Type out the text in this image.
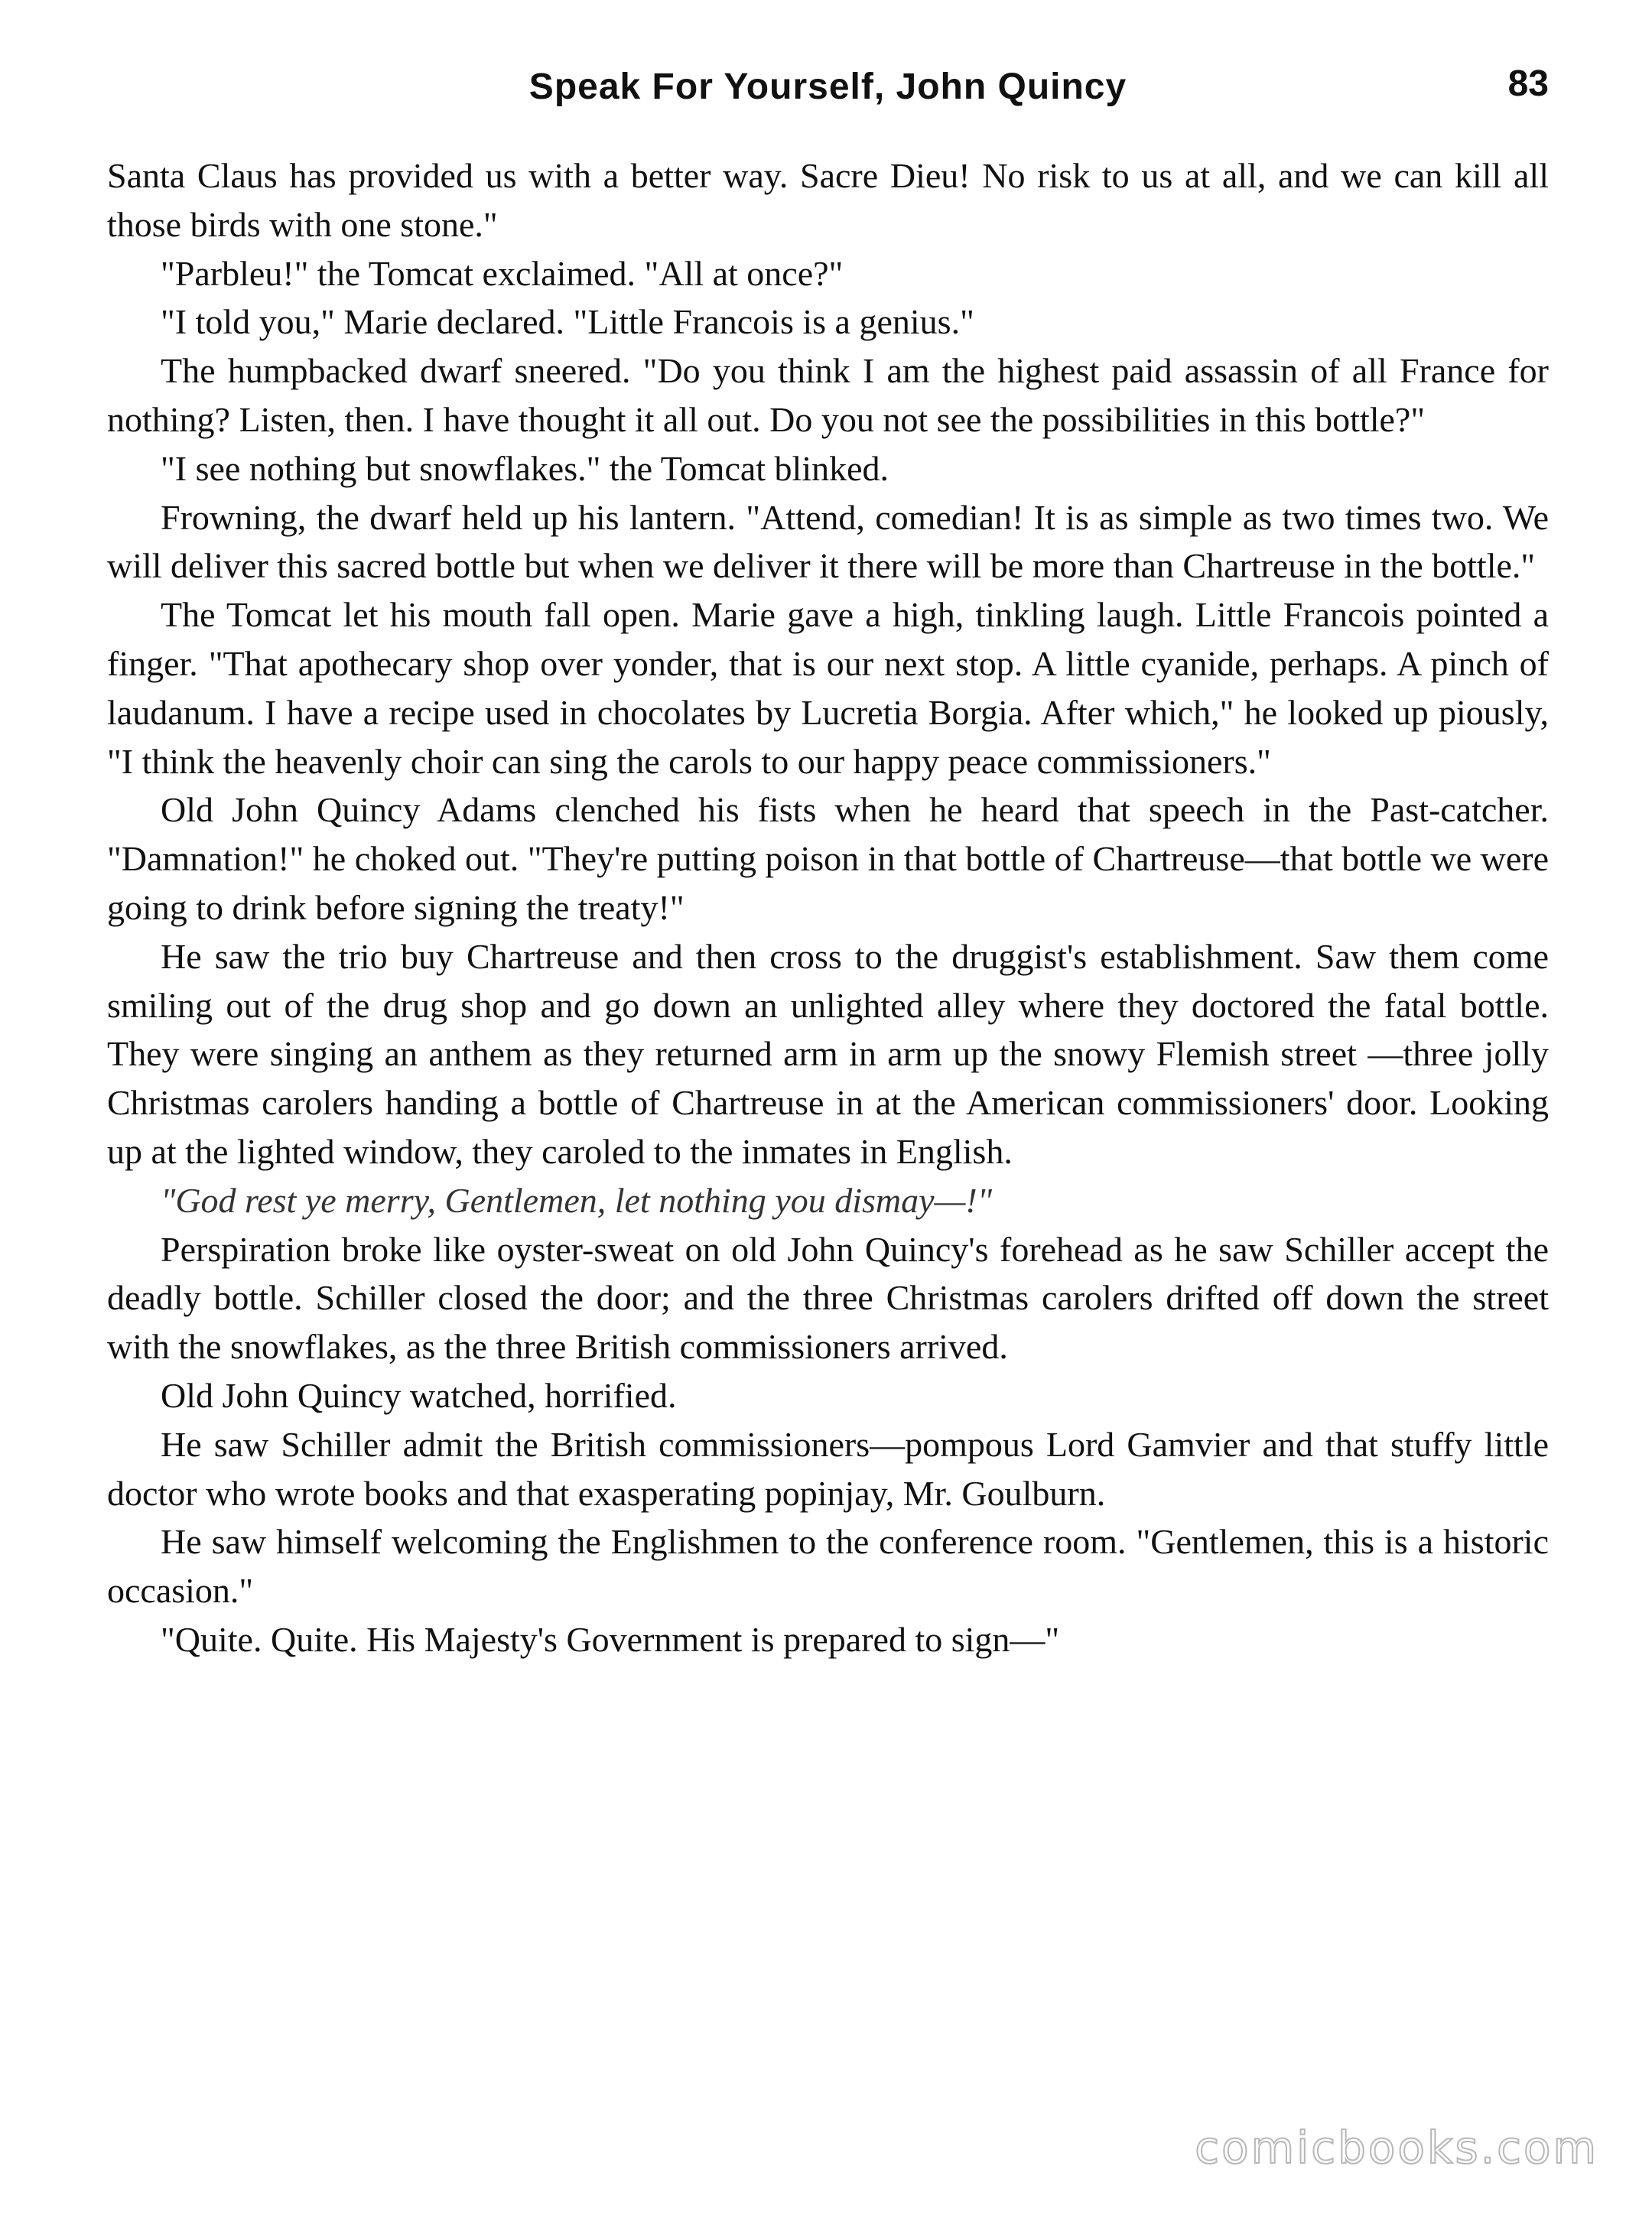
Speak For Yourself, John Quincy	83

Santa Claus has provided us with a better way. Sacre Dieu! No risk to us at all, and we can kill all those birds with one stone."

"Parbleu!" the Tomcat exclaimed. "All at once?"

"I told you," Marie declared. "Little Francois is a genius."

The humpbacked dwarf sneered. "Do you think I am the highest paid assassin of all France for nothing? Listen, then. I have thought it all out. Do you not see the possibilities in this bottle?"

"I see nothing but snowflakes." the Tomcat blinked.

Frowning, the dwarf held up his lantern. "Attend, comedian! It is as simple as two times two. We will deliver this sacred bottle but when we deliver it there will be more than Chartreuse in the bottle."

The Tomcat let his mouth fall open. Marie gave a high, tinkling laugh. Little Francois pointed a finger. "That apothecary shop over yonder, that is our next stop. A little cyanide, perhaps. A pinch of laudanum. I have a recipe used in chocolates by Lucretia Borgia. After which," he looked up piously, "I think the heavenly choir can sing the carols to our happy peace commissioners."

Old John Quincy Adams clenched his fists when he heard that speech in the Past-catcher. "Damnation!" he choked out. "They're putting poison in that bottle of Chartreuse—that bottle we were going to drink before signing the treaty!"

He saw the trio buy Chartreuse and then cross to the druggist's establishment. Saw them come smiling out of the drug shop and go down an unlighted alley where they doctored the fatal bottle. They were singing an anthem as they returned arm in arm up the snowy Flemish street —three jolly Christmas carolers handing a bottle of Chartreuse in at the American commissioners' door. Looking up at the lighted window, they caroled to the inmates in English.

"God rest ye merry, Gentlemen, let nothing you dismay—!"

Perspiration broke like oyster-sweat on old John Quincy's forehead as he saw Schiller accept the deadly bottle. Schiller closed the door; and the three Christmas carolers drifted off down the street with the snowflakes, as the three British commissioners arrived.

Old John Quincy watched, horrified.

He saw Schiller admit the British commissioners—pompous Lord Gamvier and that stuffy little doctor who wrote books and that exasperating popinjay, Mr. Goulburn.

He saw himself welcoming the Englishmen to the conference room. "Gentlemen, this is a historic occasion."

"Quite. Quite. His Majesty's Government is prepared to sign—"

comicbooks.com
